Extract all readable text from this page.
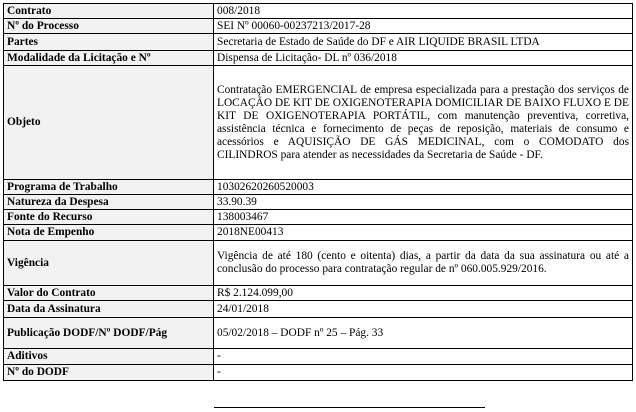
Contrato	008/2018
Nº do Processo	SEI Nº 00060-00237213/2017-28
Partes	Secretaria de Estado de Saúde do DF e AIR LIQUIDE BRASIL LTDA
Modalidade da Licitação e Nº	Dispensa de Licitação- DL nº 036/2018
Objeto	Contratação EMERGENCIAL de empresa especializada para a prestação dos serviços de LOCAÇÃO DE KIT DE OXIGENOTERAPIA DOMICILIAR DE BAIXO FLUXO E DE KIT DE OXIGENOTERAPIA PORTÁTIL, com manutenção preventiva, corretiva, assistência técnica e fornecimento de peças de reposição, materiais de consumo e acessórios e AQUISIÇÃO DE GÁS MEDICINAL, com o COMODATO dos CILINDROS para atender as necessidades da Secretaria de Saúde - DF.
Programa de Trabalho	10302620260520003
Natureza da Despesa	33.90.39
Fonte do Recurso	138003467
Nota de Empenho	2018NE00413
Vigência	Vigência de até 180 (cento e oitenta) dias, a partir da data da sua assinatura ou até a conclusão do processo para contratação regular de nº 060.005.929/2016.
Valor do Contrato	R$ 2.124.099,00
Data da Assinatura	24/01/2018
Publicação DODF/Nº DODF/Pág	05/02/2018 – DODF nº 25 – Pág. 33
Aditivos	-
Nº do DODF	-
